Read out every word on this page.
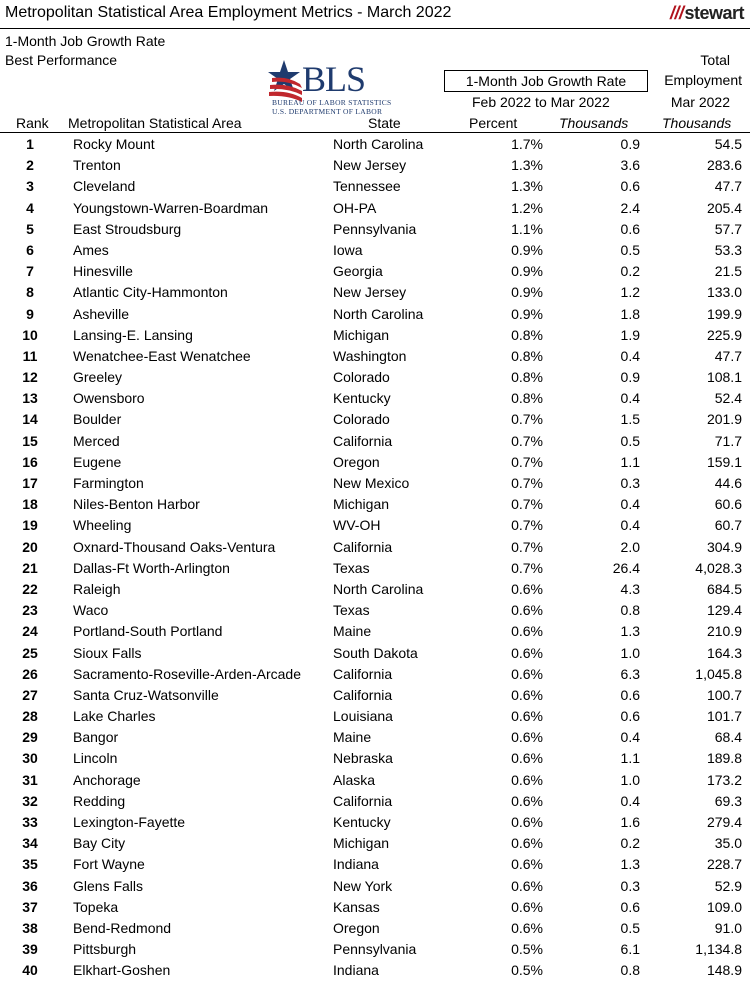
Metropolitan Statistical Area Employment Metrics - March 2022	///stewart
1-Month Job Growth Rate
Best Performance	BLS
BUREAU OF LABOR STATISTICS
U.S. DEPARTMENT OF LABOR
1-Month Job Growth Rate
Feb 2022 to Mar 2022
Total
Employment
Mar 2022
Rank Metropolitan Statistical Area	State	Percent	Thousands Thousands
1	Rocky Mount	North Carolina	1.7%	0.9	54.5
2	Trenton	New Jersey	1.3%	3.6	283.6
3	Cleveland	Tennessee	1.3%	0.6	47.7
4	Youngstown-Warren-Boardman	OH-PA	1.2%	2.4	205.4
5	East Stroudsburg	Pennsylvania	1.1%	0.6	57.7
6	Ames	Iowa	0.9%	0.5	53.3
7	Hinesville	Georgia	0.9%	0.2	21.5
8	Atlantic City-Hammonton	New Jersey	0.9%	1.2	133.0
9	Asheville	North Carolina	0.9%	1.8	199.9
10	Lansing-E. Lansing	Michigan	0.8%	1.9	225.9
11	Wenatchee-East Wenatchee	Washington	0.8%	0.4	47.7
12	Greeley	Colorado	0.8%	0.9	108.1
13	Owensboro	Kentucky	0.8%	0.4	52.4
14	Boulder	Colorado	0.7%	1.5	201.9
15	Merced	California	0.7%	0.5	71.7
16	Eugene	Oregon	0.7%	1.1	159.1
17	Farmington	New Mexico	0.7%	0.3	44.6
18	Niles-Benton Harbor	Michigan	0.7%	0.4	60.6
19	Wheeling	WV-OH	0.7%	0.4	60.7
20	Oxnard-Thousand Oaks-Ventura	California	0.7%	2.0	304.9
21	Dallas-Ft Worth-Arlington	Texas	0.7%	26.4	4,028.3
22	Raleigh	North Carolina	0.6%	4.3	684.5
23	Waco	Texas	0.6%	0.8	129.4
24	Portland-South Portland	Maine	0.6%	1.3	210.9
25	Sioux Falls	South Dakota	0.6%	1.0	164.3
26	Sacramento-Roseville-Arden-Arcade California	0.6%	6.3	1,045.8
27	Santa Cruz-Watsonville	California	0.6%	0.6	100.7
28	Lake Charles	Louisiana	0.6%	0.6	101.7
29	Bangor	Maine	0.6%	0.4	68.4
30	Lincoln	Nebraska	0.6%	1.1	189.8
31	Anchorage	Alaska	0.6%	1.0	173.2
32	Redding	California	0.6%	0.4	69.3
33	Lexington-Fayette	Kentucky	0.6%	1.6	279.4
34	Bay City	Michigan	0.6%	0.2	35.0
35	Fort Wayne	Indiana	0.6%	1.3	228.7
36	Glens Falls	New York	0.6%	0.3	52.9
37	Topeka	Kansas	0.6%	0.6	109.0
38	Bend-Redmond	Oregon	0.6%	0.5	91.0
39	Pittsburgh	Pennsylvania	0.5%	6.1	1,134.8
40	Elkhart-Goshen	Indiana	0.5%	0.8	148.9
